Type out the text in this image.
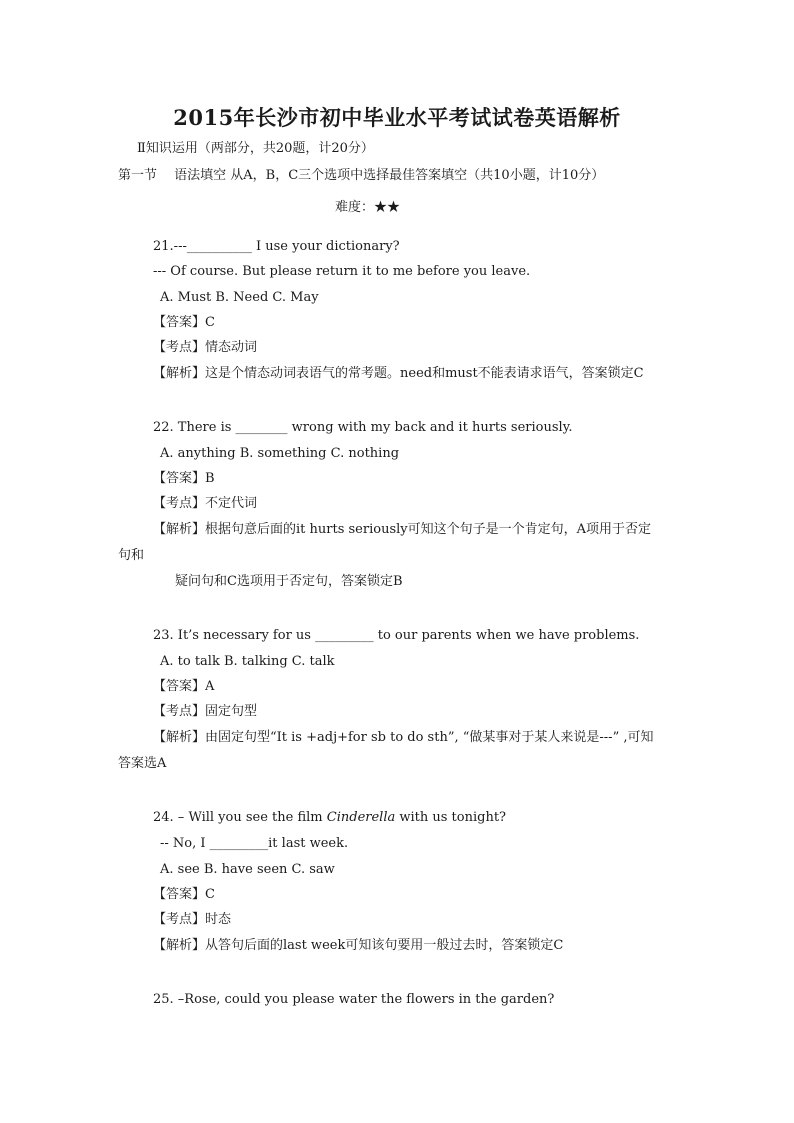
2015年长沙市初中毕业水平考试试卷英语解析
Ⅱ知识运用（两部分，共20题，计20分）
第一节　 语法填空 从A，B，C三个选项中选择最佳答案填空（共10小题，计10分）
难度：★★
21.---__________ I use your dictionary?
--- Of course. But please return it to me before you leave.
A. Must B. Need C. May
【答案】C
【考点】情态动词
【解析】这是个情态动词表语气的常考题。need和must不能表请求语气，答案锁定C
22. There is ________ wrong with my back and it hurts seriously.
A. anything B. something C. nothing
【答案】B
【考点】不定代词
【解析】根据句意后面的it hurts seriously可知这个句子是一个肯定句，A项用于否定
句和
疑问句和C选项用于否定句，答案锁定B
23. It’s necessary for us _________ to our parents when we have problems.
A. to talk B. talking C. talk
【答案】A
【考点】固定句型
【解析】由固定句型“It is +adj+for sb to do sth”, “做某事对于某人来说是---” ,可知
答案选A
24. – Will you see the film Cinderella with us tonight?
-- No, I _________it last week.
A. see B. have seen C. saw
【答案】C
【考点】时态
【解析】从答句后面的last week可知该句要用一般过去时，答案锁定C
25. –Rose, could you please water the flowers in the garden?
